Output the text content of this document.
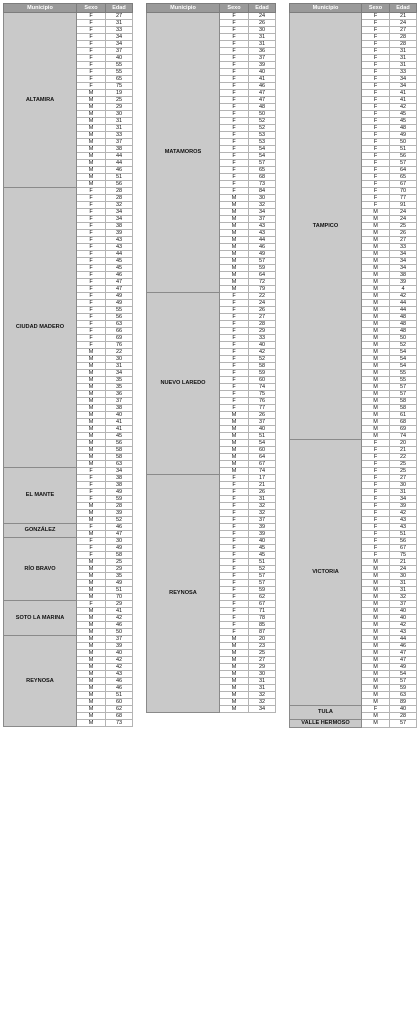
Municipio	Sexo	Edad
ALTAMIRA	F	27
	F	31
	F	33
	F	34
	F	34
	F	37
	F	40
	F	55
	F	55
	F	65
	F	75
	M	19
	M	25
	M	29
	M	30
	M	31
	M	31
	M	33
	M	37
	M	38
	M	44
	M	44
	M	46
	M	51
	M	56
CIUDAD MADERO	F	28
	F	28
	F	32
	F	34
	F	34
	F	38
	F	39
	F	43
	F	43
	F	44
	F	45
	F	45
	F	46
	F	47
	F	47
	F	49
	F	49
	F	55
	F	56
	F	63
	F	66
	F	69
	F	76
	M	22
	M	30
	M	31
	M	34
	M	35
	M	35
	M	36
	M	37
	M	38
	M	40
	M	41
	M	41
	M	45
	M	56
	M	58
	M	58
	M	63
EL MANTE	F	34
	F	38
	F	38
	F	49
	F	59
	M	28
	M	39
	M	52
GONZÁLEZ	F	46
	M	47
RÍO BRAVO	F	30
	F	49
	F	58
	M	25
	M	29
	M	35
	M	49
	M	51
	M	70
SOTO LA MARINA	F	29
	M	41
	M	42
	M	46
	M	50
REYNOSA	M	37
	M	39
	M	40
	M	42
	M	42
	M	43
	M	46
	M	46
	M	51
	M	60
	M	62
	M	68
	M	73
Municipio	Sexo	Edad
MATAMOROS	F	24
	F	26
	F	30
	F	31
	F	31
	F	36
	F	37
	F	39
	F	40
	F	41
	F	46
	F	47
	F	47
	F	48
	F	50
	F	52
	F	52
	F	53
	F	53
	F	54
	F	54
	F	57
	F	65
	F	68
	F	73
	F	84
	M	30
	M	32
	M	34
	M	37
	M	43
	M	43
	M	44
	M	46
	M	49
	M	57
	M	59
	M	64
	M	72
	M	79
NUEVO LAREDO	F	22
	F	24
	F	26
	F	27
	F	28
	F	29
	F	33
	F	40
	F	42
	F	52
	F	58
	F	59
	F	60
	F	74
	F	75
	F	76
	F	77
	M	26
	M	37
	M	40
	M	51
	M	54
	M	60
	M	64
	M	67
	M	74
REYNOSA	F	17
	F	21
	F	26
	F	31
	F	32
	F	32
	F	37
	F	39
	F	39
	F	40
	F	45
	F	45
	F	51
	F	52
	F	57
	F	57
	F	59
	F	62
	F	67
	F	71
	F	78
	F	85
	F	87
	M	20
	M	23
	M	25
	M	27
	M	29
	M	30
	M	31
	M	31
	M	32
	M	32
	M	34
Municipio	Sexo	Edad
TAMPICO	F	21
	F	24
	F	27
	F	28
	F	28
	F	31
	F	31
	F	31
	F	33
	F	34
	F	34
	F	41
	F	41
	F	42
	F	45
	F	45
	F	48
	F	49
	F	50
	F	51
	F	56
	F	57
	F	64
	F	65
	F	67
	F	70
	F	77
	F	91
	M	24
	M	24
	M	25
	M	26
	M	27
	M	33
	M	34
	M	34
	M	34
	M	38
	M	39
	M	4
	M	42
	M	44
	M	44
	M	48
	M	48
	M	48
	M	50
	M	52
	M	54
	M	54
	M	54
	M	55
	M	55
	M	57
	M	57
	M	58
	M	58
	M	61
	M	68
	M	69
	M	74
VICTORIA	F	20
	F	21
	F	22
	F	25
	F	25
	F	27
	F	30
	F	31
	F	34
	F	39
	F	42
	F	43
	F	43
	F	51
	F	56
	F	67
	F	75
	M	21
	M	24
	M	30
	M	31
	M	31
	M	32
	M	37
	M	40
	M	40
	M	42
	M	43
	M	44
	M	46
	M	47
	M	47
	M	49
	M	54
	M	57
	M	59
	M	63
	M	89
TULA	F	40
	M	28
VALLE HERMOSO	M	57
